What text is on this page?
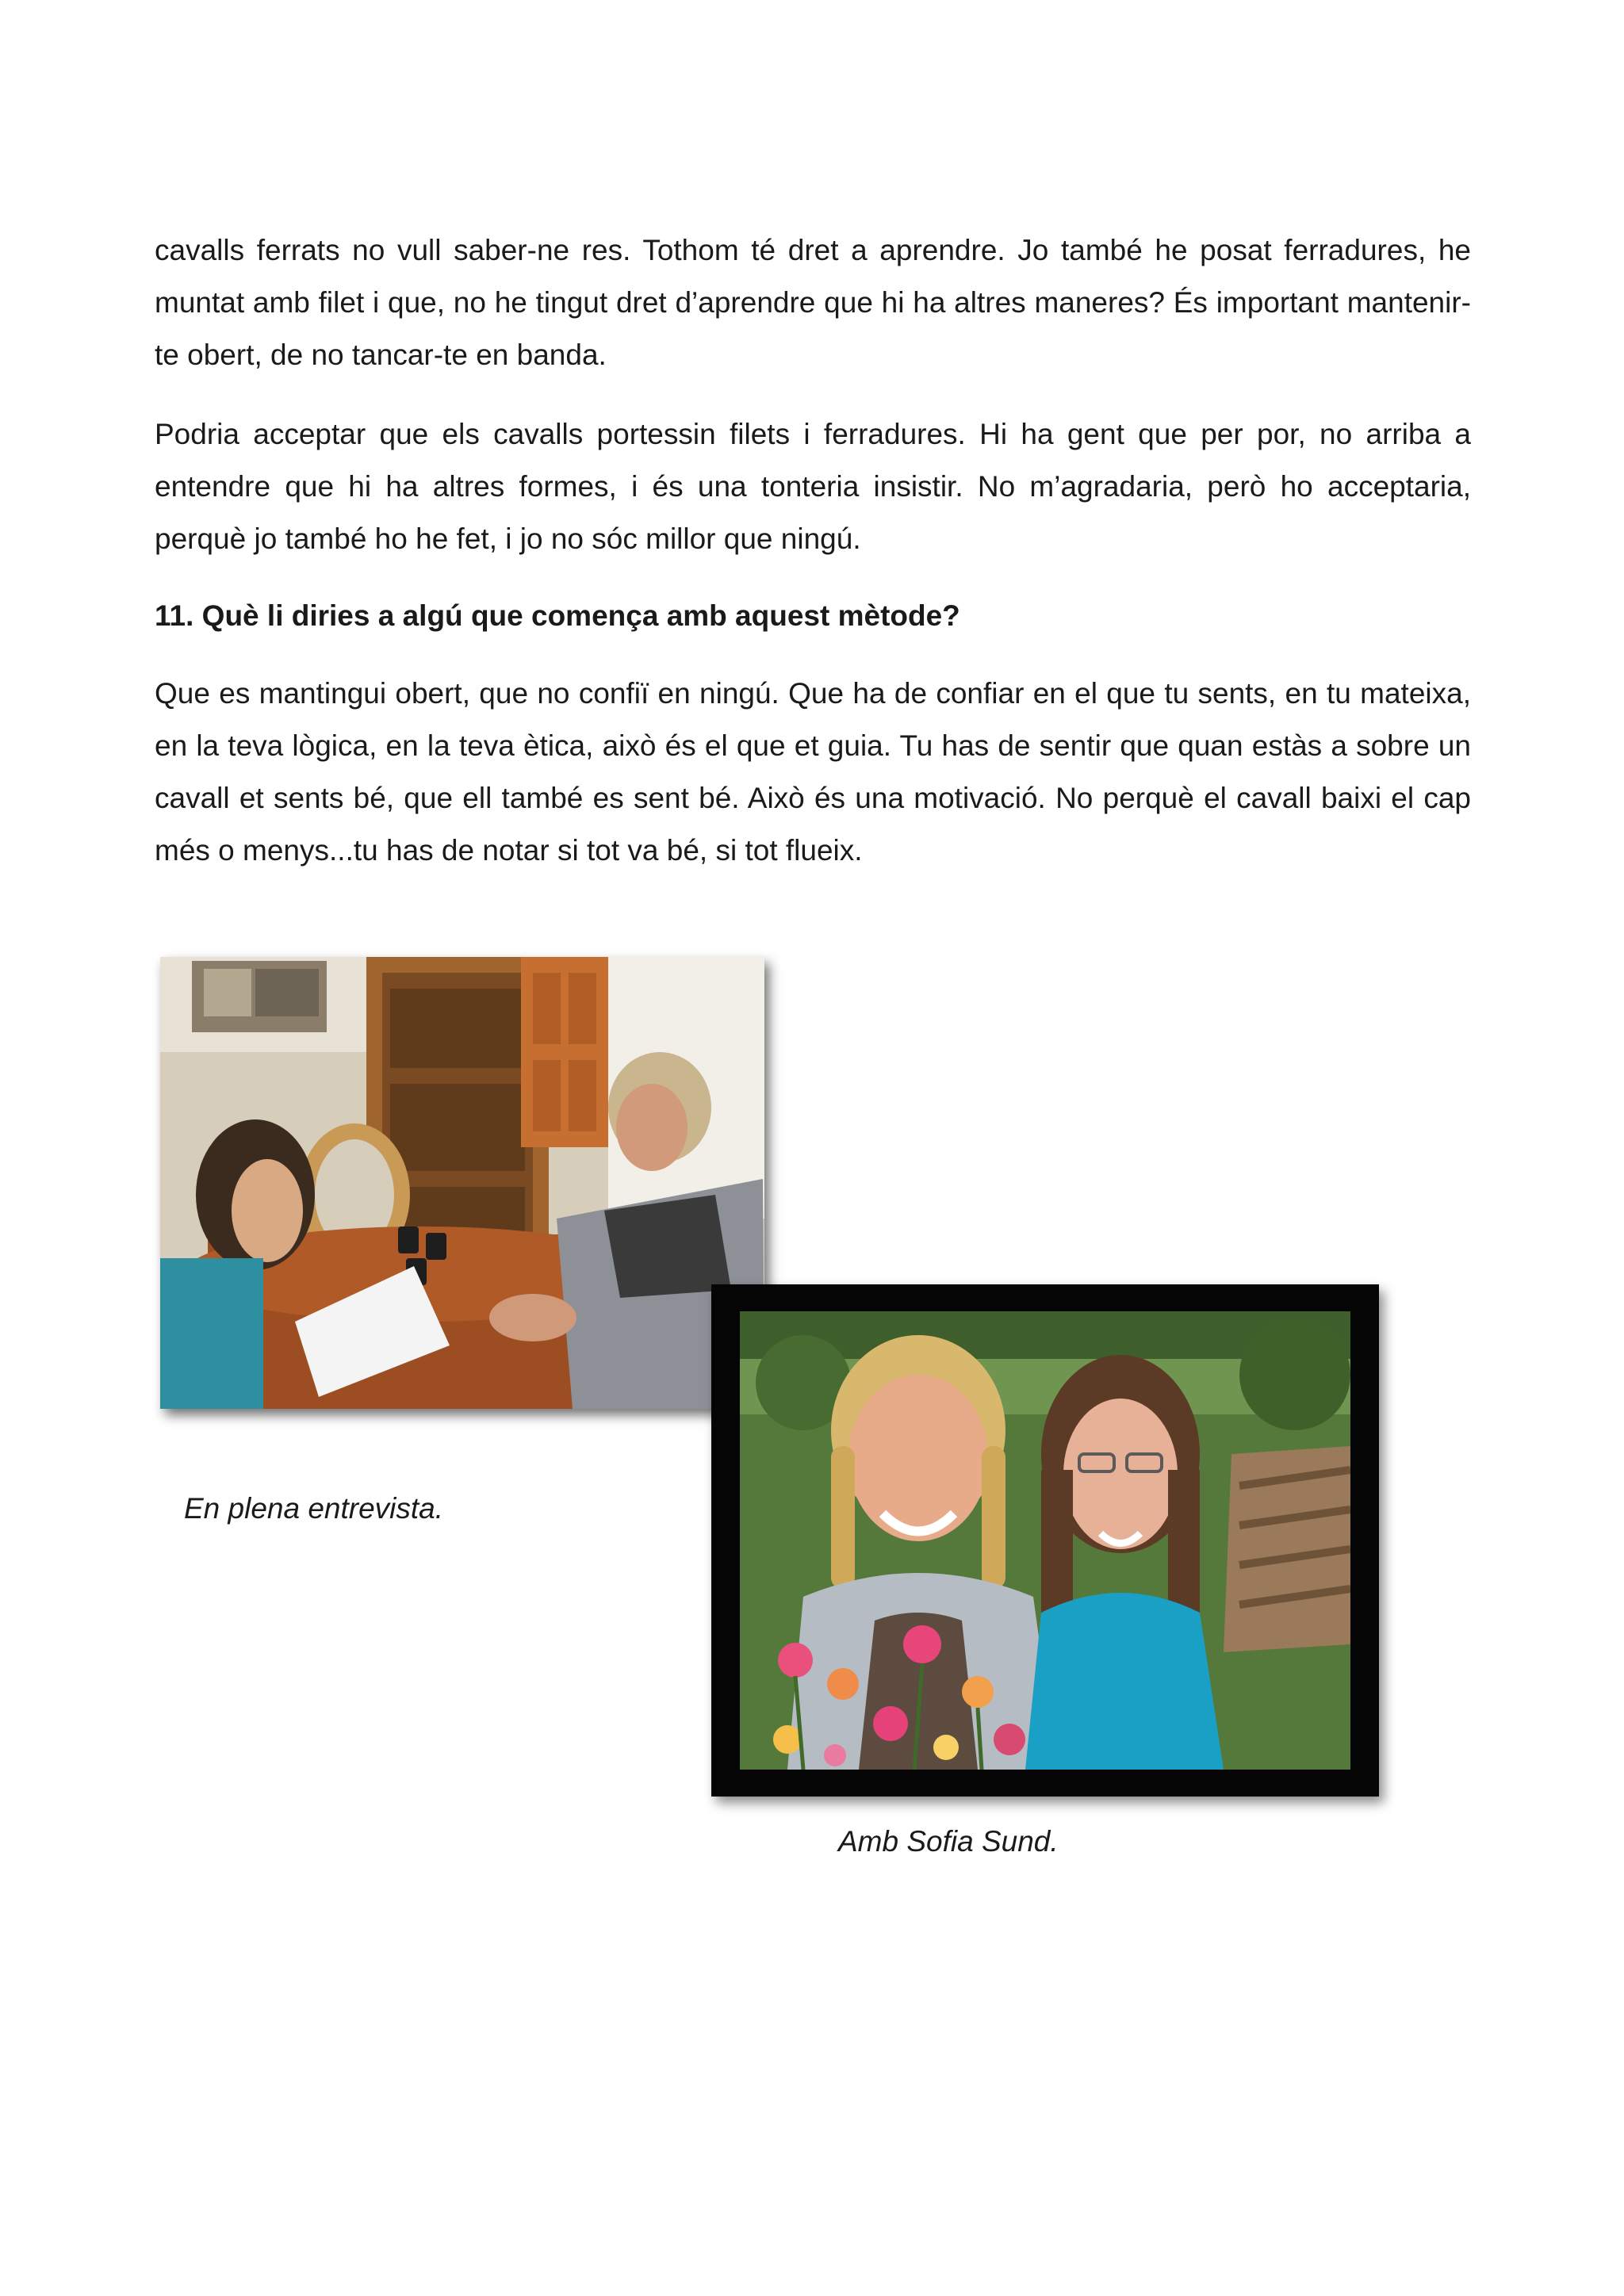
cavalls ferrats no vull saber-ne res. Tothom té dret a aprendre. Jo també he posat ferradures, he muntat amb filet i que, no he tingut dret d’aprendre que hi ha altres maneres? És important mantenir-te obert, de no tancar-te en banda.

Podria acceptar que els cavalls portessin filets i ferradures. Hi ha gent que per por, no arriba a entendre que hi ha altres formes, i és una tonteria insistir. No m’agradaria, però ho acceptaria, perquè jo també ho he fet, i jo no sóc millor que ningú.

11. Què li diries a algú que comença amb aquest mètode?

Que es mantingui obert, que no confiï en ningú. Que ha de confiar en el que tu sents, en tu mateixa, en la teva lògica, en la teva ètica, això és el que et guia. Tu has de sentir que quan estàs a sobre un cavall et sents bé, que ell també es sent bé. Això és una motivació. No perquè el cavall baixi el cap més o menys...tu has de notar si tot va bé, si tot flueix.

En plena entrevista.

Amb Sofia Sund.
